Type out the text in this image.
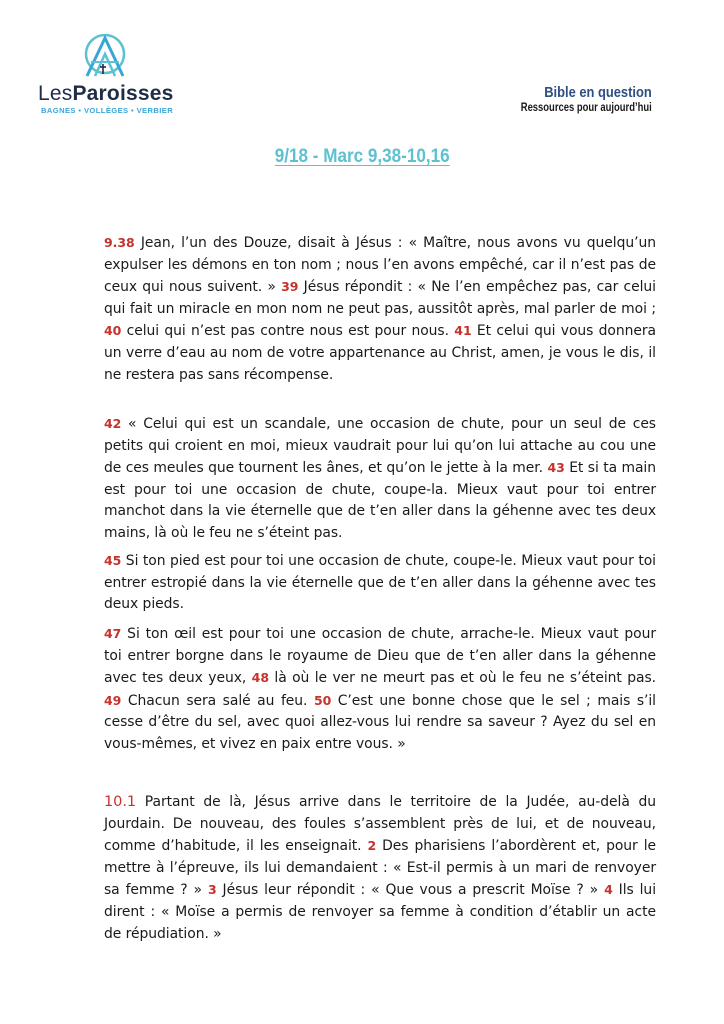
LesParoisses
BAGNES • VOLLÈGES • VERBIER
Bible en question
Ressources pour aujourd’hui
9/18 - Marc 9,38-10,16

9.38 Jean, l’un des Douze, disait à Jésus : « Maître, nous avons vu quelqu’un expulser les démons en ton nom ; nous l’en avons empêché, car il n’est pas de ceux qui nous suivent. » 39 Jésus répondit : « Ne l’en empêchez pas, car celui qui fait un miracle en mon nom ne peut pas, aussitôt après, mal parler de moi ; 40 celui qui n’est pas contre nous est pour nous. 41 Et celui qui vous donnera un verre d’eau au nom de votre appartenance au Christ, amen, je vous le dis, il ne restera pas sans récompense.

42 « Celui qui est un scandale, une occasion de chute, pour un seul de ces petits qui croient en moi, mieux vaudrait pour lui qu’on lui attache au cou une de ces meules que tournent les ânes, et qu’on le jette à la mer. 43 Et si ta main est pour toi une occasion de chute, coupe-la. Mieux vaut pour toi entrer manchot dans la vie éternelle que de t’en aller dans la géhenne avec tes deux mains, là où le feu ne s’éteint pas.

45 Si ton pied est pour toi une occasion de chute, coupe-le. Mieux vaut pour toi entrer estropié dans la vie éternelle que de t’en aller dans la géhenne avec tes deux pieds.

47 Si ton œil est pour toi une occasion de chute, arrache-le. Mieux vaut pour toi entrer borgne dans le royaume de Dieu que de t’en aller dans la géhenne avec tes deux yeux, 48 là où le ver ne meurt pas et où le feu ne s’éteint pas. 49 Chacun sera salé au feu. 50 C’est une bonne chose que le sel ; mais s’il cesse d’être du sel, avec quoi allez-vous lui rendre sa saveur ? Ayez du sel en vous-mêmes, et vivez en paix entre vous. »

10.1 Partant de là, Jésus arrive dans le territoire de la Judée, au-delà du Jourdain. De nouveau, des foules s’assemblent près de lui, et de nouveau, comme d’habitude, il les enseignait. 2 Des pharisiens l’abordèrent et, pour le mettre à l’épreuve, ils lui demandaient : « Est-il permis à un mari de renvoyer sa femme ? » 3 Jésus leur répondit : « Que vous a prescrit Moïse ? » 4 Ils lui dirent : « Moïse a permis de renvoyer sa femme à condition d’établir un acte de répudiation. »
